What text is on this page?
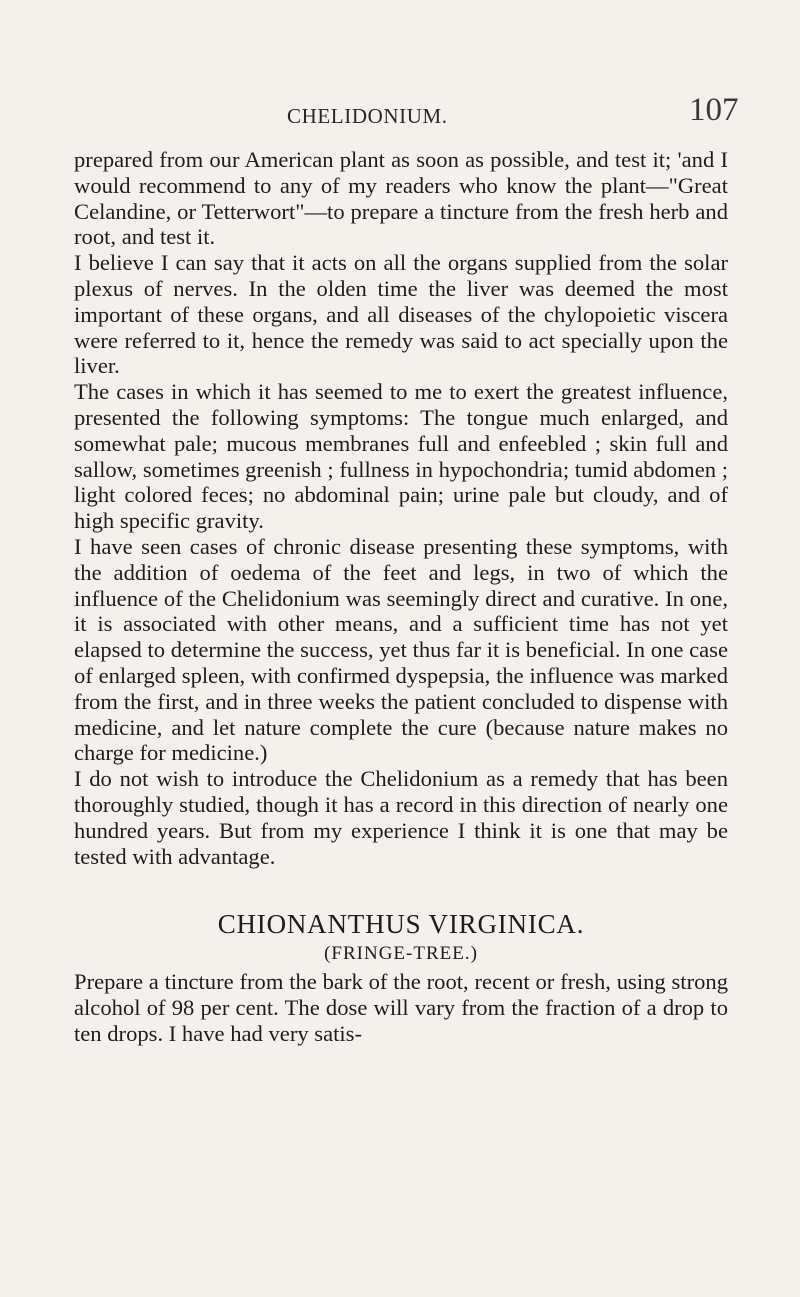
CHELIDONIUM.	107

prepared from our American plant as soon as possible, and test it; 'and I would recommend to any of my readers who know the plant—"Great Celandine, or Tetterwort"—to prepare a tincture from the fresh herb and root, and test it.

I believe I can say that it acts on all the organs supplied from the solar plexus of nerves. In the olden time the liver was deemed the most important of these organs, and all diseases of the chylopoietic viscera were referred to it, hence the remedy was said to act specially upon the liver.

The cases in which it has seemed to me to exert the greatest influence, presented the following symptoms: The tongue much enlarged, and somewhat pale; mucous membranes full and enfeebled ; skin full and sallow, sometimes greenish ; fullness in hypochondria; tumid abdomen ; light colored feces; no abdominal pain; urine pale but cloudy, and of high specific gravity.

I have seen cases of chronic disease presenting these symptoms, with the addition of oedema of the feet and legs, in two of which the influence of the Chelidonium was seemingly direct and curative. In one, it is associated with other means, and a sufficient time has not yet elapsed to determine the success, yet thus far it is beneficial. In one case of enlarged spleen, with confirmed dyspepsia, the influence was marked from the first, and in three weeks the patient concluded to dispense with medicine, and let nature complete the cure (because nature makes no charge for medicine.)

I do not wish to introduce the Chelidonium as a remedy that has been thoroughly studied, though it has a record in this direction of nearly one hundred years. But from my experience I think it is one that may be tested with advantage.

CHIONANTHUS VIRGINICA.
(FRINGE-TREE.)

Prepare a tincture from the bark of the root, recent or fresh, using strong alcohol of 98 per cent. The dose will vary from the fraction of a drop to ten drops. I have had very satis-
